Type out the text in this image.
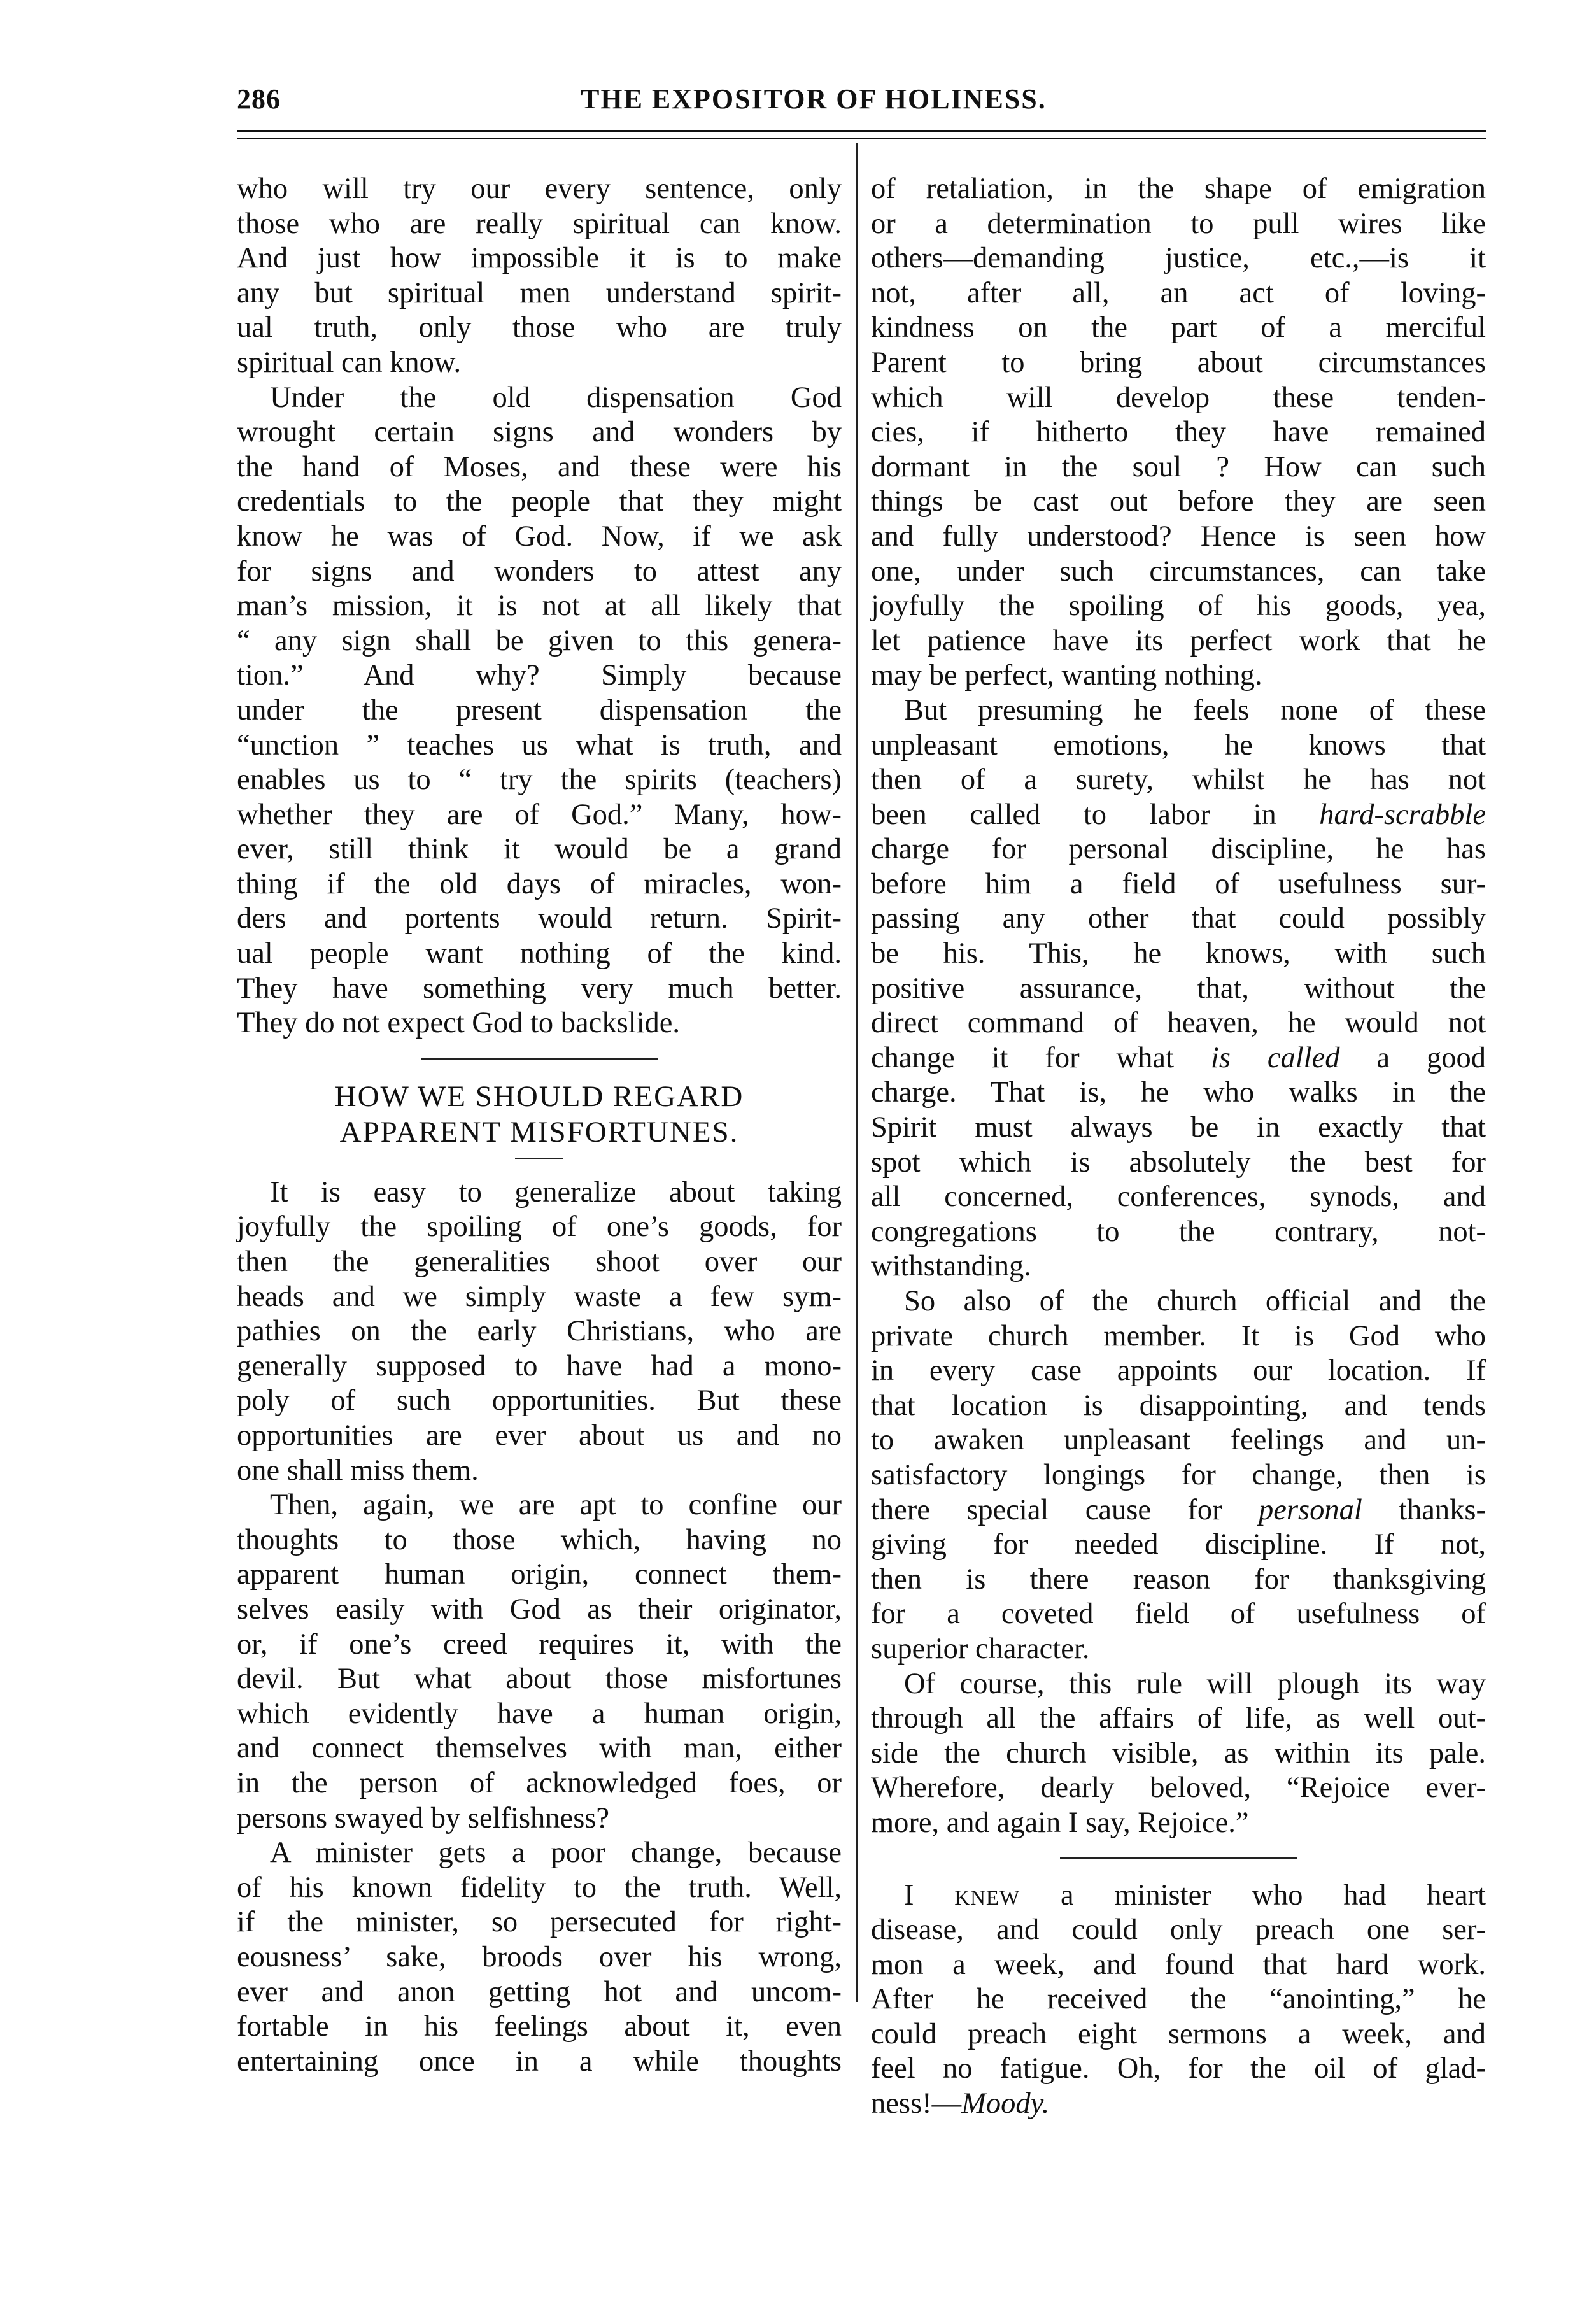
286	THE EXPOSITOR OF HOLINESS.
who will try our every sentence, only
those who are really spiritual can know.
And just how impossible it is to make
any but spiritual men understand spirit-
ual truth, only those who are truly
spiritual can know.
Under the old dispensation God
wrought certain signs and wonders by
the hand of Moses, and these were his
credentials to the people that they might
know he was of God. Now, if we ask
for signs and wonders to attest any
man’s mission, it is not at all likely that
“ any sign shall be given to this genera-
tion.” And why? Simply because
under the present dispensation the
“unction ” teaches us what is truth, and
enables us to “ try the spirits (teachers)
whether they are of God.” Many, how-
ever, still think it would be a grand
thing if the old days of miracles, won-
ders and portents would return. Spirit-
ual people want nothing of the kind.
They have something very much better.
They do not expect God to backslide.
HOW WE SHOULD REGARD
APPARENT MISFORTUNES.
It is easy to generalize about taking
joyfully the spoiling of one’s goods, for
then the generalities shoot over our
heads and we simply waste a few sym-
pathies on the early Christians, who are
generally supposed to have had a mono-
poly of such opportunities. But these
opportunities are ever about us and no
one shall miss them.
Then, again, we are apt to confine our
thoughts to those which, having no
apparent human origin, connect them-
selves easily with God as their originator,
or, if one’s creed requires it, with the
devil. But what about those misfortunes
which evidently have a human origin,
and connect themselves with man, either
in the person of acknowledged foes, or
persons swayed by selfishness?
A minister gets a poor change, because
of his known fidelity to the truth. Well,
if the minister, so persecuted for right-
eousness’ sake, broods over his wrong,
ever and anon getting hot and uncom-
fortable in his feelings about it, even
entertaining once in a while thoughts
of retaliation, in the shape of emigration
or a determination to pull wires like
others—demanding justice, etc.,—is it
not, after all, an act of loving-
kindness on the part of a merciful
Parent to bring about circumstances
which will develop these tenden-
cies, if hitherto they have remained
dormant in the soul ? How can such
things be cast out before they are seen
and fully understood? Hence is seen how
one, under such circumstances, can take
joyfully the spoiling of his goods, yea,
let patience have its perfect work that he
may be perfect, wanting nothing.
But presuming he feels none of these
unpleasant emotions, he knows that
then of a surety, whilst he has not
been called to labor in hard-scrabble
charge for personal discipline, he has
before him a field of usefulness sur-
passing any other that could possibly
be his. This, he knows, with such
positive assurance, that, without the
direct command of heaven, he would not
change it for what is called a good
charge. That is, he who walks in the
Spirit must always be in exactly that
spot which is absolutely the best for
all concerned, conferences, synods, and
congregations to the contrary, not-
withstanding.
So also of the church official and the
private church member. It is God who
in every case appoints our location. If
that location is disappointing, and tends
to awaken unpleasant feelings and un-
satisfactory longings for change, then is
there special cause for personal thanks-
giving for needed discipline. If not,
then is there reason for thanksgiving
for a coveted field of usefulness of
superior character.
Of course, this rule will plough its way
through all the affairs of life, as well out-
side the church visible, as within its pale.
Wherefore, dearly beloved, “Rejoice ever-
more, and again I say, Rejoice.”
I knew a minister who had heart
disease, and could only preach one ser-
mon a week, and found that hard work.
After he received the “anointing,” he
could preach eight sermons a week, and
feel no fatigue. Oh, for the oil of glad-
ness!—Moody.
